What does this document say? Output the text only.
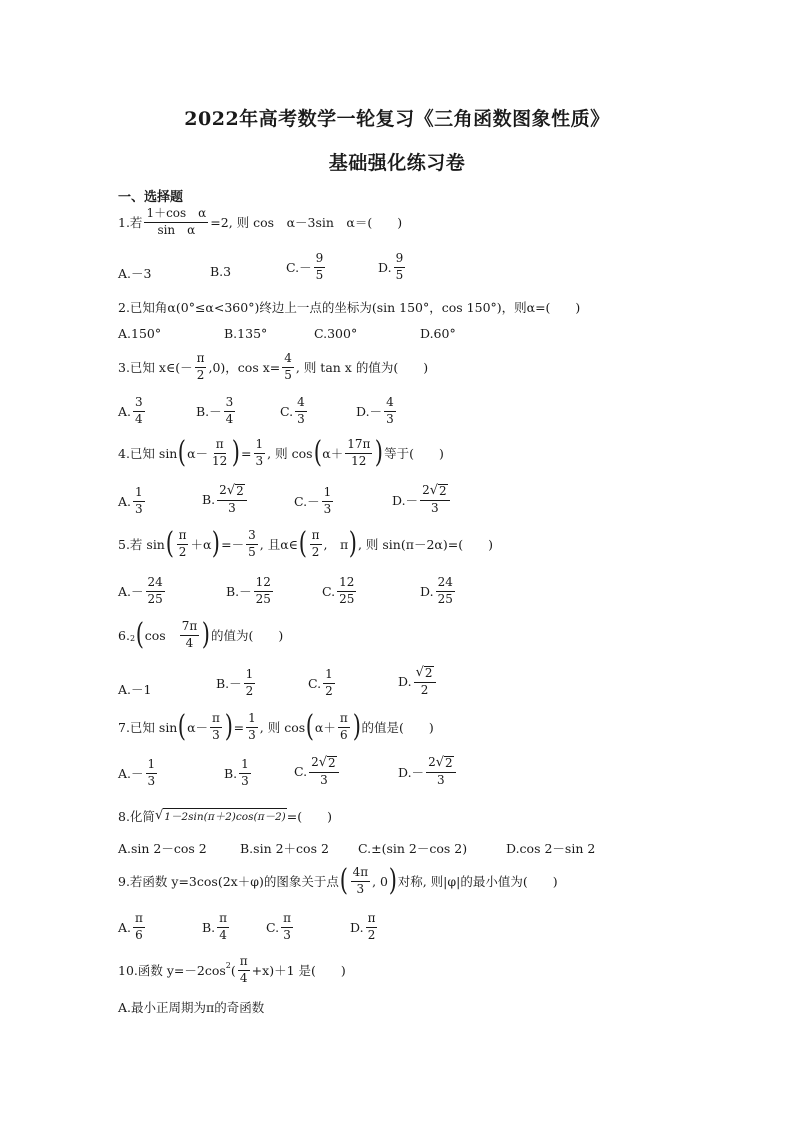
2022年高考数学一轮复习《三角函数图象性质》
基础强化练习卷
一、选择题
1.若 $\frac{\text{1＋cos　α}}{\text{sin　α}} =2$, 则 cos　α－3sin　α＝(　　)
A.－3	B.3	$C.- \frac{9}{5}$	D. $\frac{9}{5}$
2.已知角α(0°≤α<360°)终边上一点的坐标为(sin 150°，cos 150°)，则α=(　　)
A.150°	B.135°	C.300°	D.60°
3.已知 x∈(－ $\frac{\pi}{2} ,0$)，$\cos x= \frac{4}{5}$ , 则 tan x 的值为(　　)
A. $\frac{3}{4}$	$B.- \frac{3}{4}$	C. $\frac{4}{3}$	$D.- \frac{4}{3}$
4.已知 sin ( $\alpha- \frac{\pi}{12}$ ) = $\frac{1}{3}$ , 则 cos ( $\alpha+ \frac{17\pi}{12}$ ) 等于(　　)
A. $\frac{1}{3}$	B. $\frac{2 √ 2}{3}$	$C.- \frac{1}{3}$	$D.- \frac{2 √ 2}{3}$
5.若 sin ( $\frac{\pi}{2} +\alpha$ ) =－ $\frac{3}{5}$ , 且α∈ ( $\frac{\pi}{2}$ ,　π ) , 则 sin(π－2α)=(　　)
$A.- \frac{24}{25}$	$B.- \frac{12}{25}$	C. $\frac{12}{25}$	D. $\frac{24}{25}$
6. 2 ( $\cos \frac{7\pi}{4}$ ) 的值为(　　)
A.－1	$B.- \frac{1}{2}$	C. $\frac{1}{2}$	D. $\frac{√ 2}{2}$
7.已知 sin ( $\alpha- \frac{\pi}{3}$ ) = $\frac{1}{3}$ , 则 cos ( $\alpha+ \frac{\pi}{6}$ ) 的值是(　　)
$A.- \frac{1}{3}$	B. $\frac{1}{3}$	C. $\frac{2 √ 2}{3}$	$D.- \frac{2 √ 2}{3}$
8.化简 √ 1－2sin(π＋2)cos(π－2) =(　　)
A.sin 2－cos 2	B.sin 2＋cos 2 C.±(sin 2－cos 2)	D.cos 2－sin 2
9.若函数 y=3cos(2x＋φ)的图象关于点 ( $\frac{4\pi}{3}$ , 0 ) 对称, 则|φ|的最小值为(　　)
A. $\frac{\pi}{6}$	B. $\frac{\pi}{4}$	C. $\frac{\pi}{3}$	D. $\frac{\pi}{2}$
10.函数 y=－2cos 2 ( $\frac{\pi}{4} +x)+1$ 是(　　)
A.最小正周期为π的奇函数
